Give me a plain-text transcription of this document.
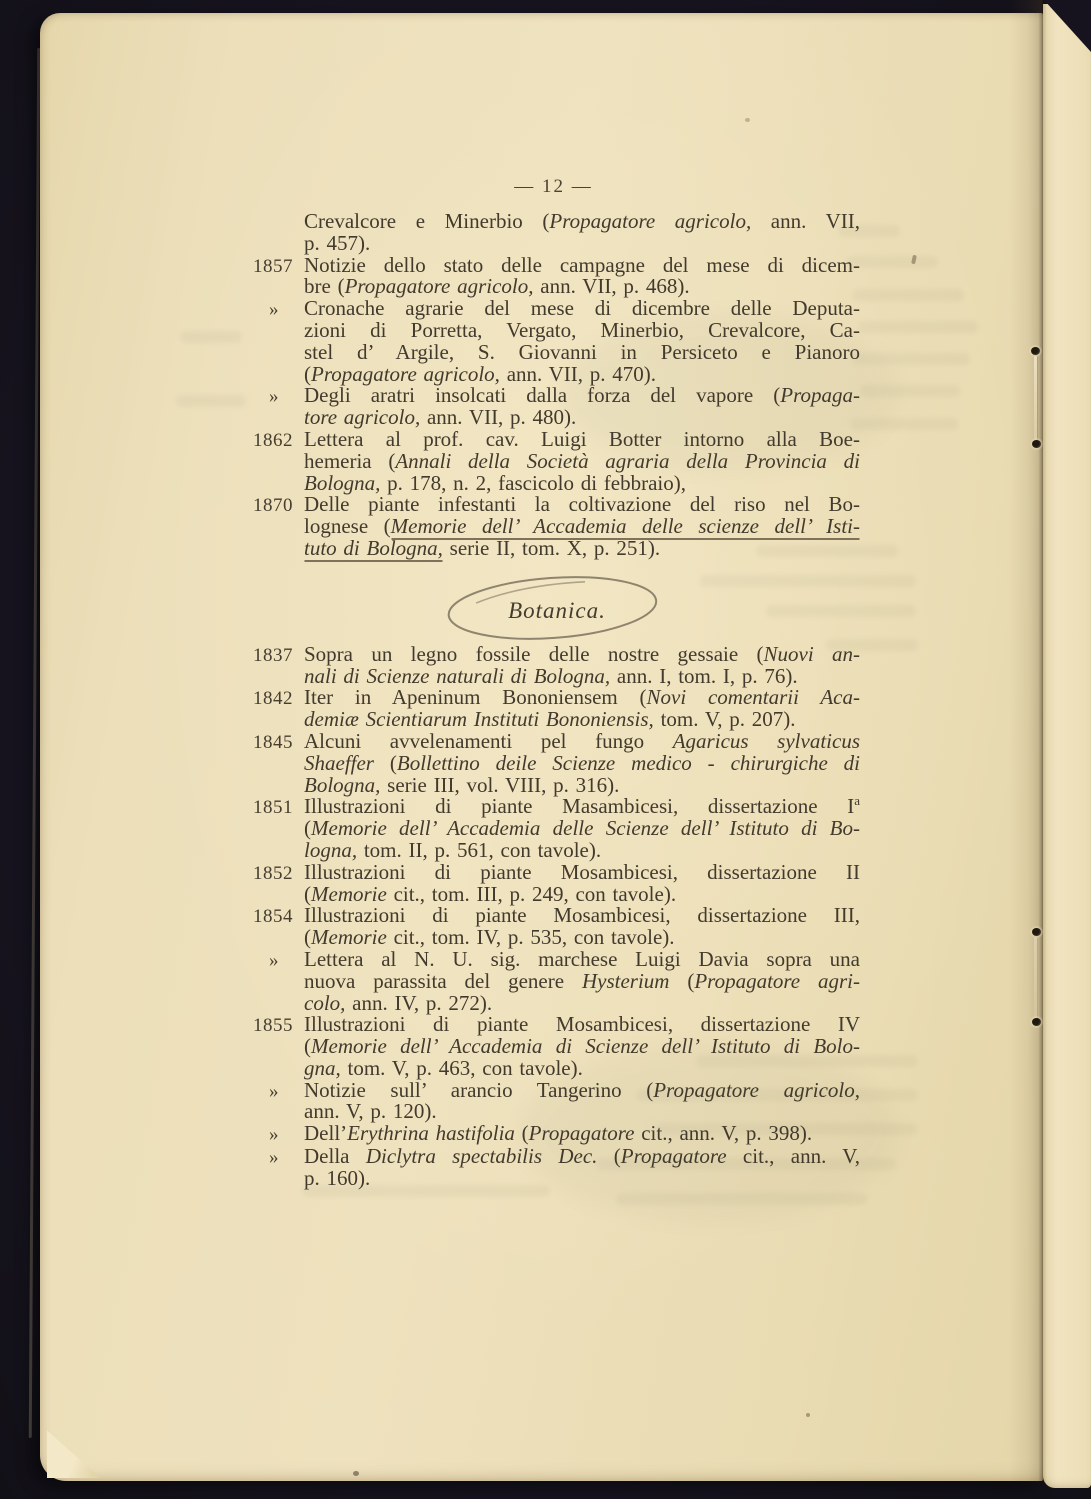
— 12 —
Crevalcore e Minerbio (Propagatore agricolo, ann. VII,
p. 457).
1857 Notizie dello stato delle campagne del mese di dicem-
bre (Propagatore agricolo, ann. VII, p. 468).
»	Cronache agrarie del mese di dicembre delle Deputa-
zioni di Porretta, Vergato, Minerbio, Crevalcore, Ca-
stel d’ Argile, S. Giovanni in Persiceto e Pianoro
(Propagatore agricolo, ann. VII, p. 470).
»	Degli aratri insolcati dalla forza del vapore (Propaga-
tore agricolo, ann. VII, p. 480).
1862 Lettera al prof. cav. Luigi Botter intorno alla Boe-
hemeria (Annali della Società agraria della Provincia di
Bologna, p. 178, n. 2, fascicolo di febbraio),
1870 Delle piante infestanti la coltivazione del riso nel Bo-
lognese (Memorie dell’ Accademia delle scienze dell’ Isti-
tuto di Bologna, serie II, tom. X, p. 251).
Botanica.
1837 Sopra un legno fossile delle nostre gessaie (Nuovi an-
nali di Scienze naturali di Bologna, ann. I, tom. I, p. 76).
1842 Iter in Apeninum Bononiensem (Novi comentarii Aca-
demiæ Scientiarum Instituti Bononiensis, tom. V, p. 207).
1845 Alcuni avvelenamenti pel fungo Agaricus sylvaticus
Shaeffer (Bollettino deile Scienze medico - chirurgiche di
Bologna, serie III, vol. VIII, p. 316).
1851 Illustrazioni di piante Masambicesi, dissertazione $I^a$
(Memorie dell’ Accademia delle Scienze dell’ Istituto di Bo-
logna, tom. II, p. 561, con tavole).
1852 Illustrazioni di piante Mosambicesi, dissertazione II
(Memorie cit., tom. III, p. 249, con tavole).
1854 Illustrazioni di piante Mosambicesi, dissertazione III,
(Memorie cit., tom. IV, p. 535, con tavole).
»	Lettera al N. U. sig. marchese Luigi Davia sopra una
nuova parassita del genere Hysterium (Propagatore agri-
colo, ann. IV, p. 272).
1855 Illustrazioni di piante Mosambicesi, dissertazione IV
(Memorie dell’ Accademia di Scienze dell’ Istituto di Bolo-
gna, tom. V, p. 463, con tavole).
»	Notizie sull’ arancio Tangerino (Propagatore agricolo,
ann. V, p. 120).
»	Dell’Erythrina hastifolia (Propagatore cit., ann. V, p. 398).
»	Della Diclytra spectabilis Dec. (Propagatore cit., ann. V,
p. 160).
